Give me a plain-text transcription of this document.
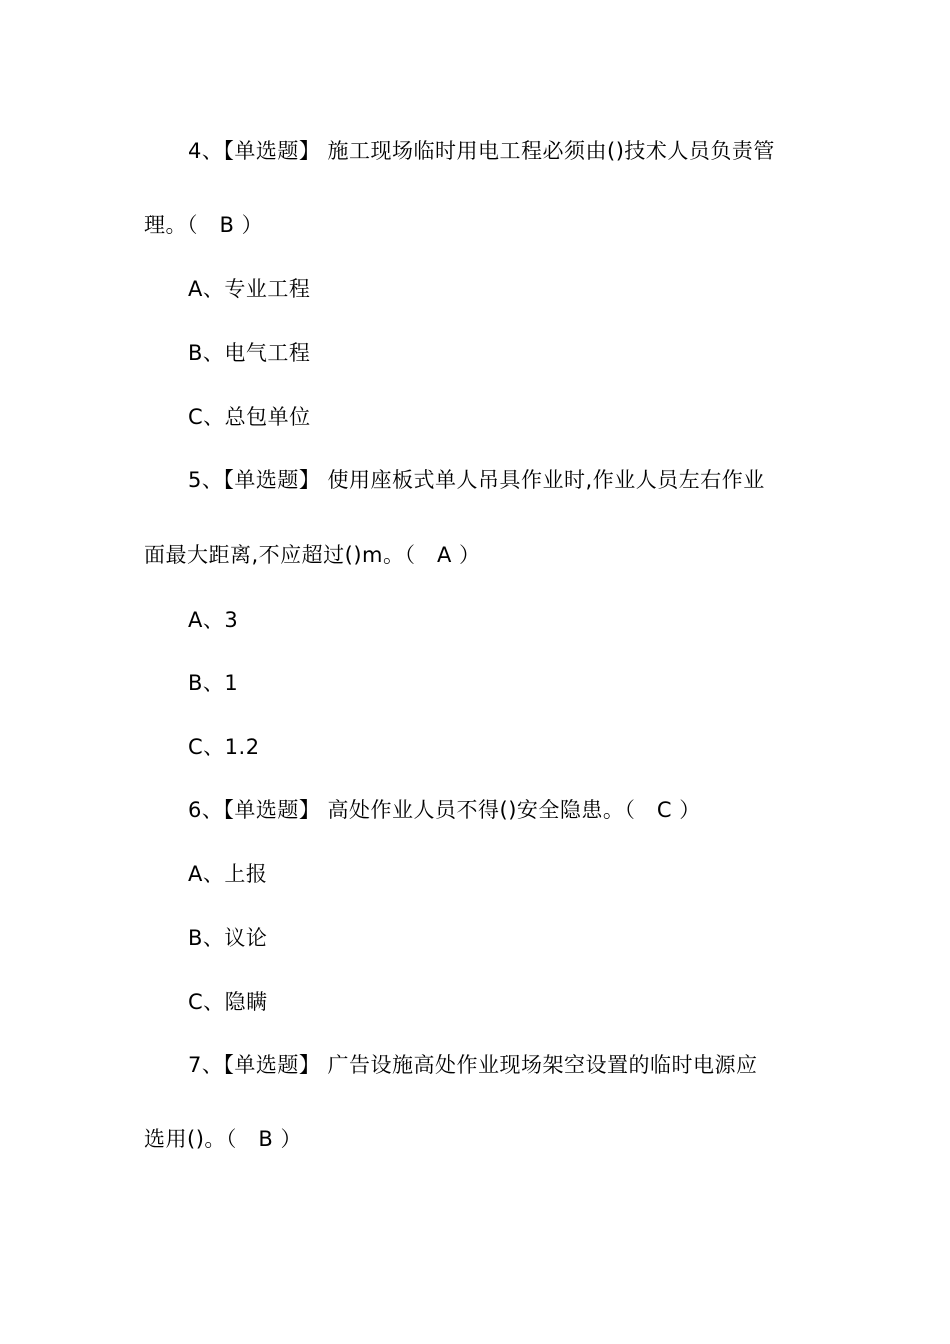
4、【单选题】 施工现场临时用电工程必须由()技术人员负责管
理。（　B ）
A、专业工程
B、电气工程
C、总包单位
5、【单选题】 使用座板式单人吊具作业时,作业人员左右作业
面最大距离,不应超过()m。（　A ）
A、3
B、1
C、1.2
6、【单选题】 高处作业人员不得()安全隐患。（　C ）
A、上报
B、议论
C、隐瞒
7、【单选题】 广告设施高处作业现场架空设置的临时电源应
选用()。（　B ）
